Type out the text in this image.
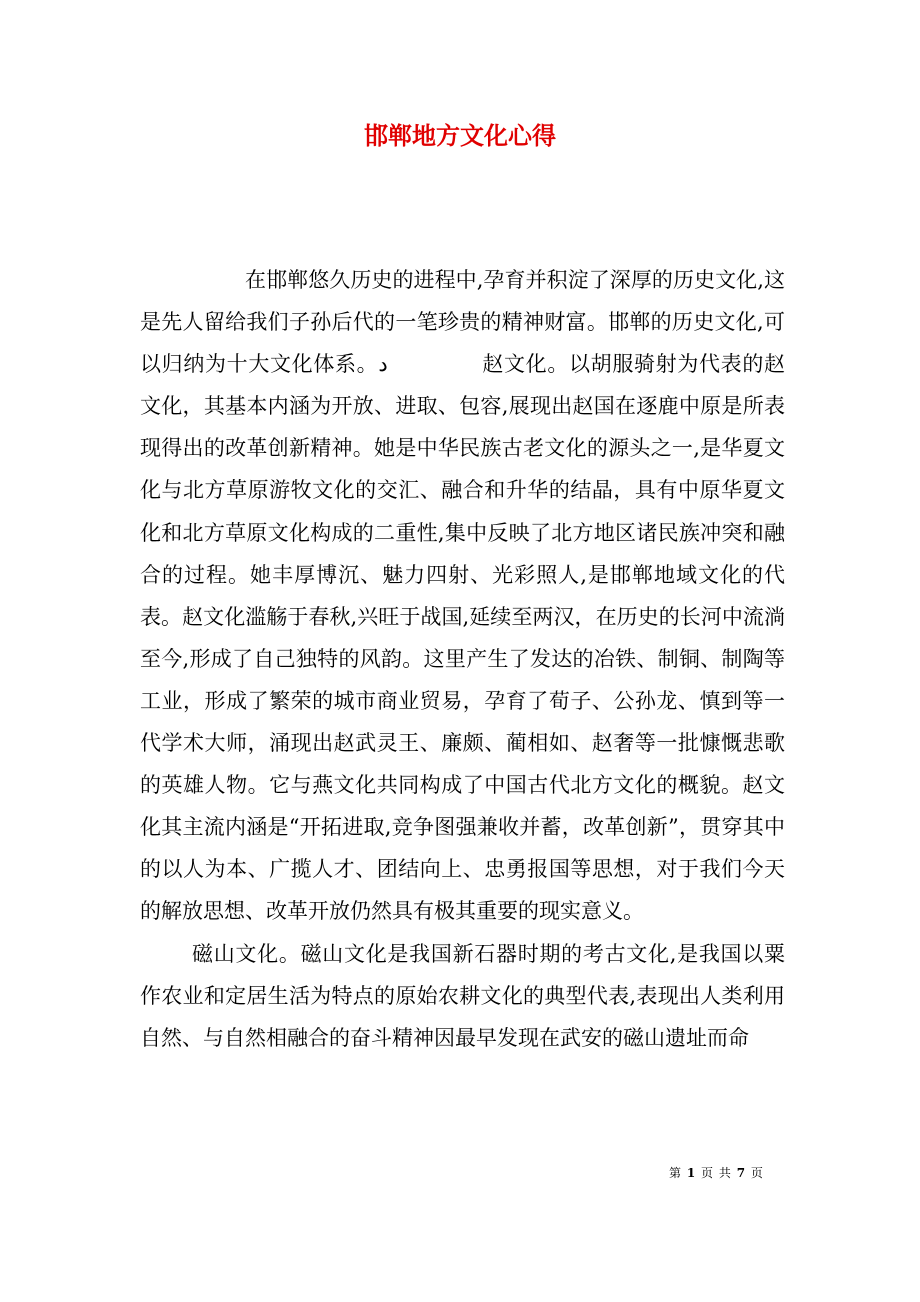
邯郸地方文化心得

在邯郸悠久历史的进程中,孕育并积淀了深厚的历史文化,这是先人留给我们子孙后代的一笔珍贵的精神财富。邯郸的历史文化,可以归纳为十大文化体系。د	赵文化。以胡服骑射为代表的赵文化，其基本内涵为开放、进取、包容,展现出赵国在逐鹿中原是所表现得出的改革创新精神。她是中华民族古老文化的源头之一,是华夏文化与北方草原游牧文化的交汇、融合和升华的结晶，具有中原华夏文化和北方草原文化构成的二重性,集中反映了北方地区诸民族冲突和融合的过程。她丰厚博沉、魅力四射、光彩照人,是邯郸地域文化的代表。赵文化滥觞于春秋,兴旺于战国,延续至两汉，在历史的长河中流淌至今,形成了自己独特的风韵。这里产生了发达的冶铁、制铜、制陶等工业，形成了繁荣的城市商业贸易，孕育了荀子、公孙龙、慎到等一代学术大师，涌现出赵武灵王、廉颇、蔺相如、赵奢等一批慷慨悲歌的英雄人物。它与燕文化共同构成了中国古代北方文化的概貌。赵文化其主流内涵是“开拓进取,竞争图强兼收并蓄，改革创新”，贯穿其中的以人为本、广揽人才、团结向上、忠勇报国等思想，对于我们今天的解放思想、改革开放仍然具有极其重要的现实意义。

磁山文化。磁山文化是我国新石器时期的考古文化,是我国以粟作农业和定居生活为特点的原始农耕文化的典型代表,表现出人类利用自然、与自然相融合的奋斗精神因最早发现在武安的磁山遗址而命

第 1 页 共 7 页
